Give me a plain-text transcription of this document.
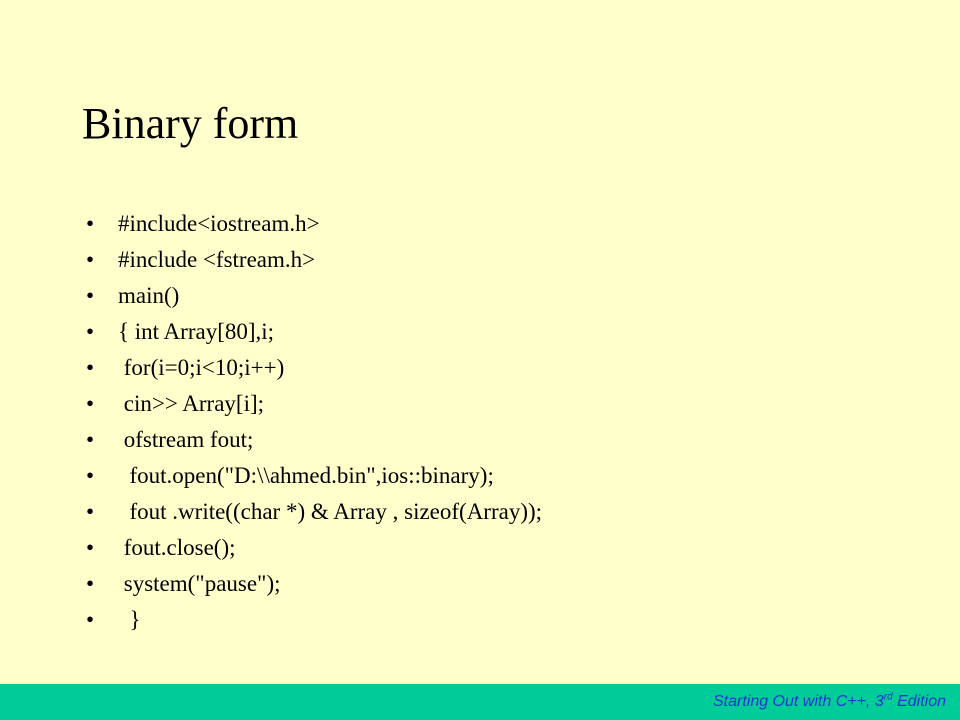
Binary form

•

#include<iostream.h>

•

#include <fstream.h>

•

main()

•

{ int Array[80],i;

•

for(i=0;i<10;i++)

•

cin>> Array[i];

•

ofstream fout;

•

fout.open("D:\\ahmed.bin",ios::binary);

•

fout .write((char *) & Array , sizeof(Array));

•

fout.close();

•

system("pause");

•

}

Starting Out with C++, 3rd Edition
